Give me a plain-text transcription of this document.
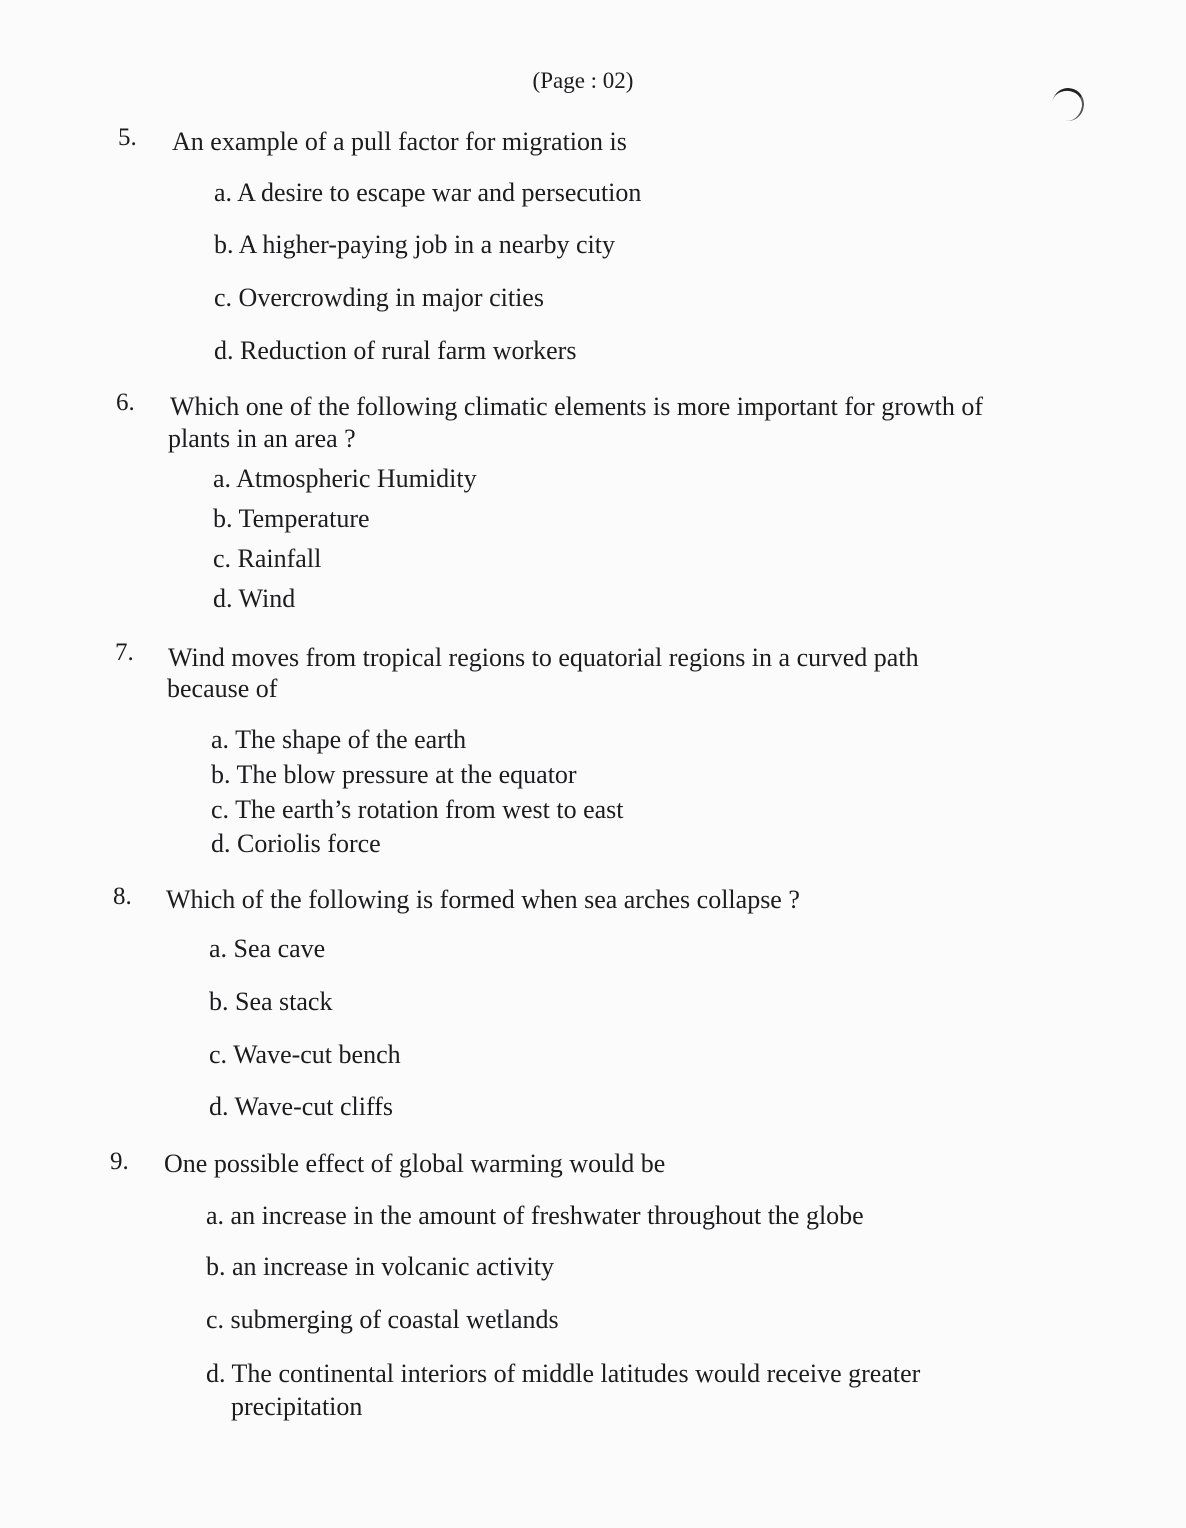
(Page : 02)
5. An example of a pull factor for migration is
a. A desire to escape war and persecution
b. A higher-paying job in a nearby city
c. Overcrowding in major cities
d. Reduction of rural farm workers
6. Which one of the following climatic elements is more important for growth of
plants in an area ?
a. Atmospheric Humidity
b. Temperature
c. Rainfall
d. Wind
7. Wind moves from tropical regions to equatorial regions in a curved path
because of
a. The shape of the earth
b. The blow pressure at the equator
c. The earth’s rotation from west to east
d. Coriolis force
8. Which of the following is formed when sea arches collapse ?
a. Sea cave
b. Sea stack
c. Wave-cut bench
d. Wave-cut cliffs
9. One possible effect of global warming would be
a. an increase in the amount of freshwater throughout the globe
b. an increase in volcanic activity
c. submerging of coastal wetlands
d. The continental interiors of middle latitudes would receive greater
precipitation
